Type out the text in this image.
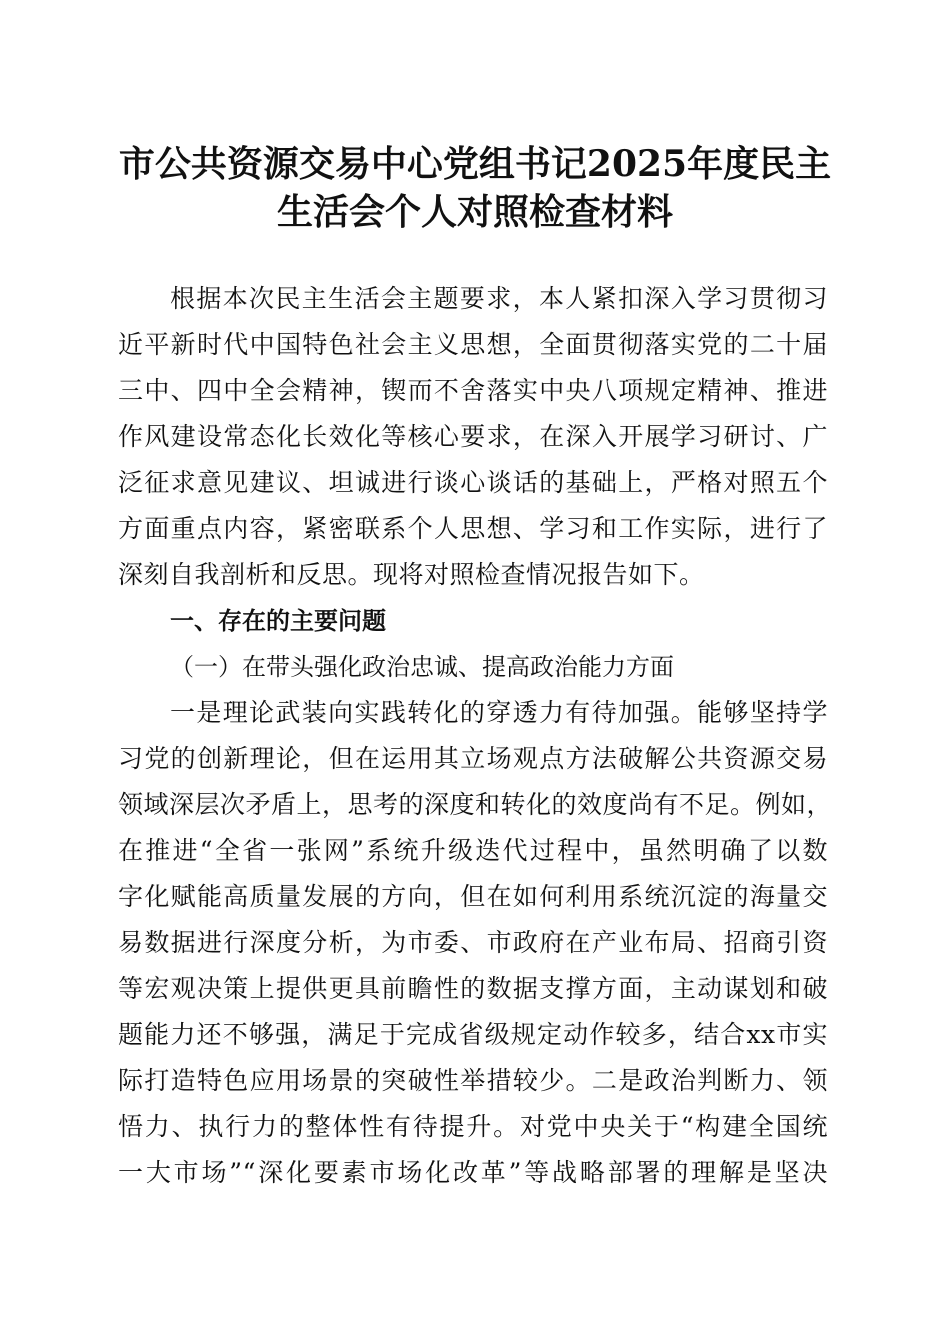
市公共资源交易中心党组书记2025年度民主
生活会个人对照检查材料
根据本次民主生活会主题要求，本人紧扣深入学习贯彻习
近平新时代中国特色社会主义思想，全面贯彻落实党的二十届
三中、四中全会精神，锲而不舍落实中央八项规定精神、推进
作风建设常态化长效化等核心要求，在深入开展学习研讨、广
泛征求意见建议、坦诚进行谈心谈话的基础上，严格对照五个
方面重点内容，紧密联系个人思想、学习和工作实际，进行了
深刻自我剖析和反思。现将对照检查情况报告如下。
一、存在的主要问题
（一）在带头强化政治忠诚、提高政治能力方面
一是理论武装向实践转化的穿透力有待加强。能够坚持学
习党的创新理论，但在运用其立场观点方法破解公共资源交易
领域深层次矛盾上，思考的深度和转化的效度尚有不足。例如，
在推进“全省一张网”系统升级迭代过程中，虽然明确了以数
字化赋能高质量发展的方向，但在如何利用系统沉淀的海量交
易数据进行深度分析，为市委、市政府在产业布局、招商引资
等宏观决策上提供更具前瞻性的数据支撑方面，主动谋划和破
题能力还不够强，满足于完成省级规定动作较多，结合xx市实
际打造特色应用场景的突破性举措较少。二是政治判断力、领
悟力、执行力的整体性有待提升。对党中央关于“构建全国统
一大市场”“深化要素市场化改革”等战略部署的理解是坚决
